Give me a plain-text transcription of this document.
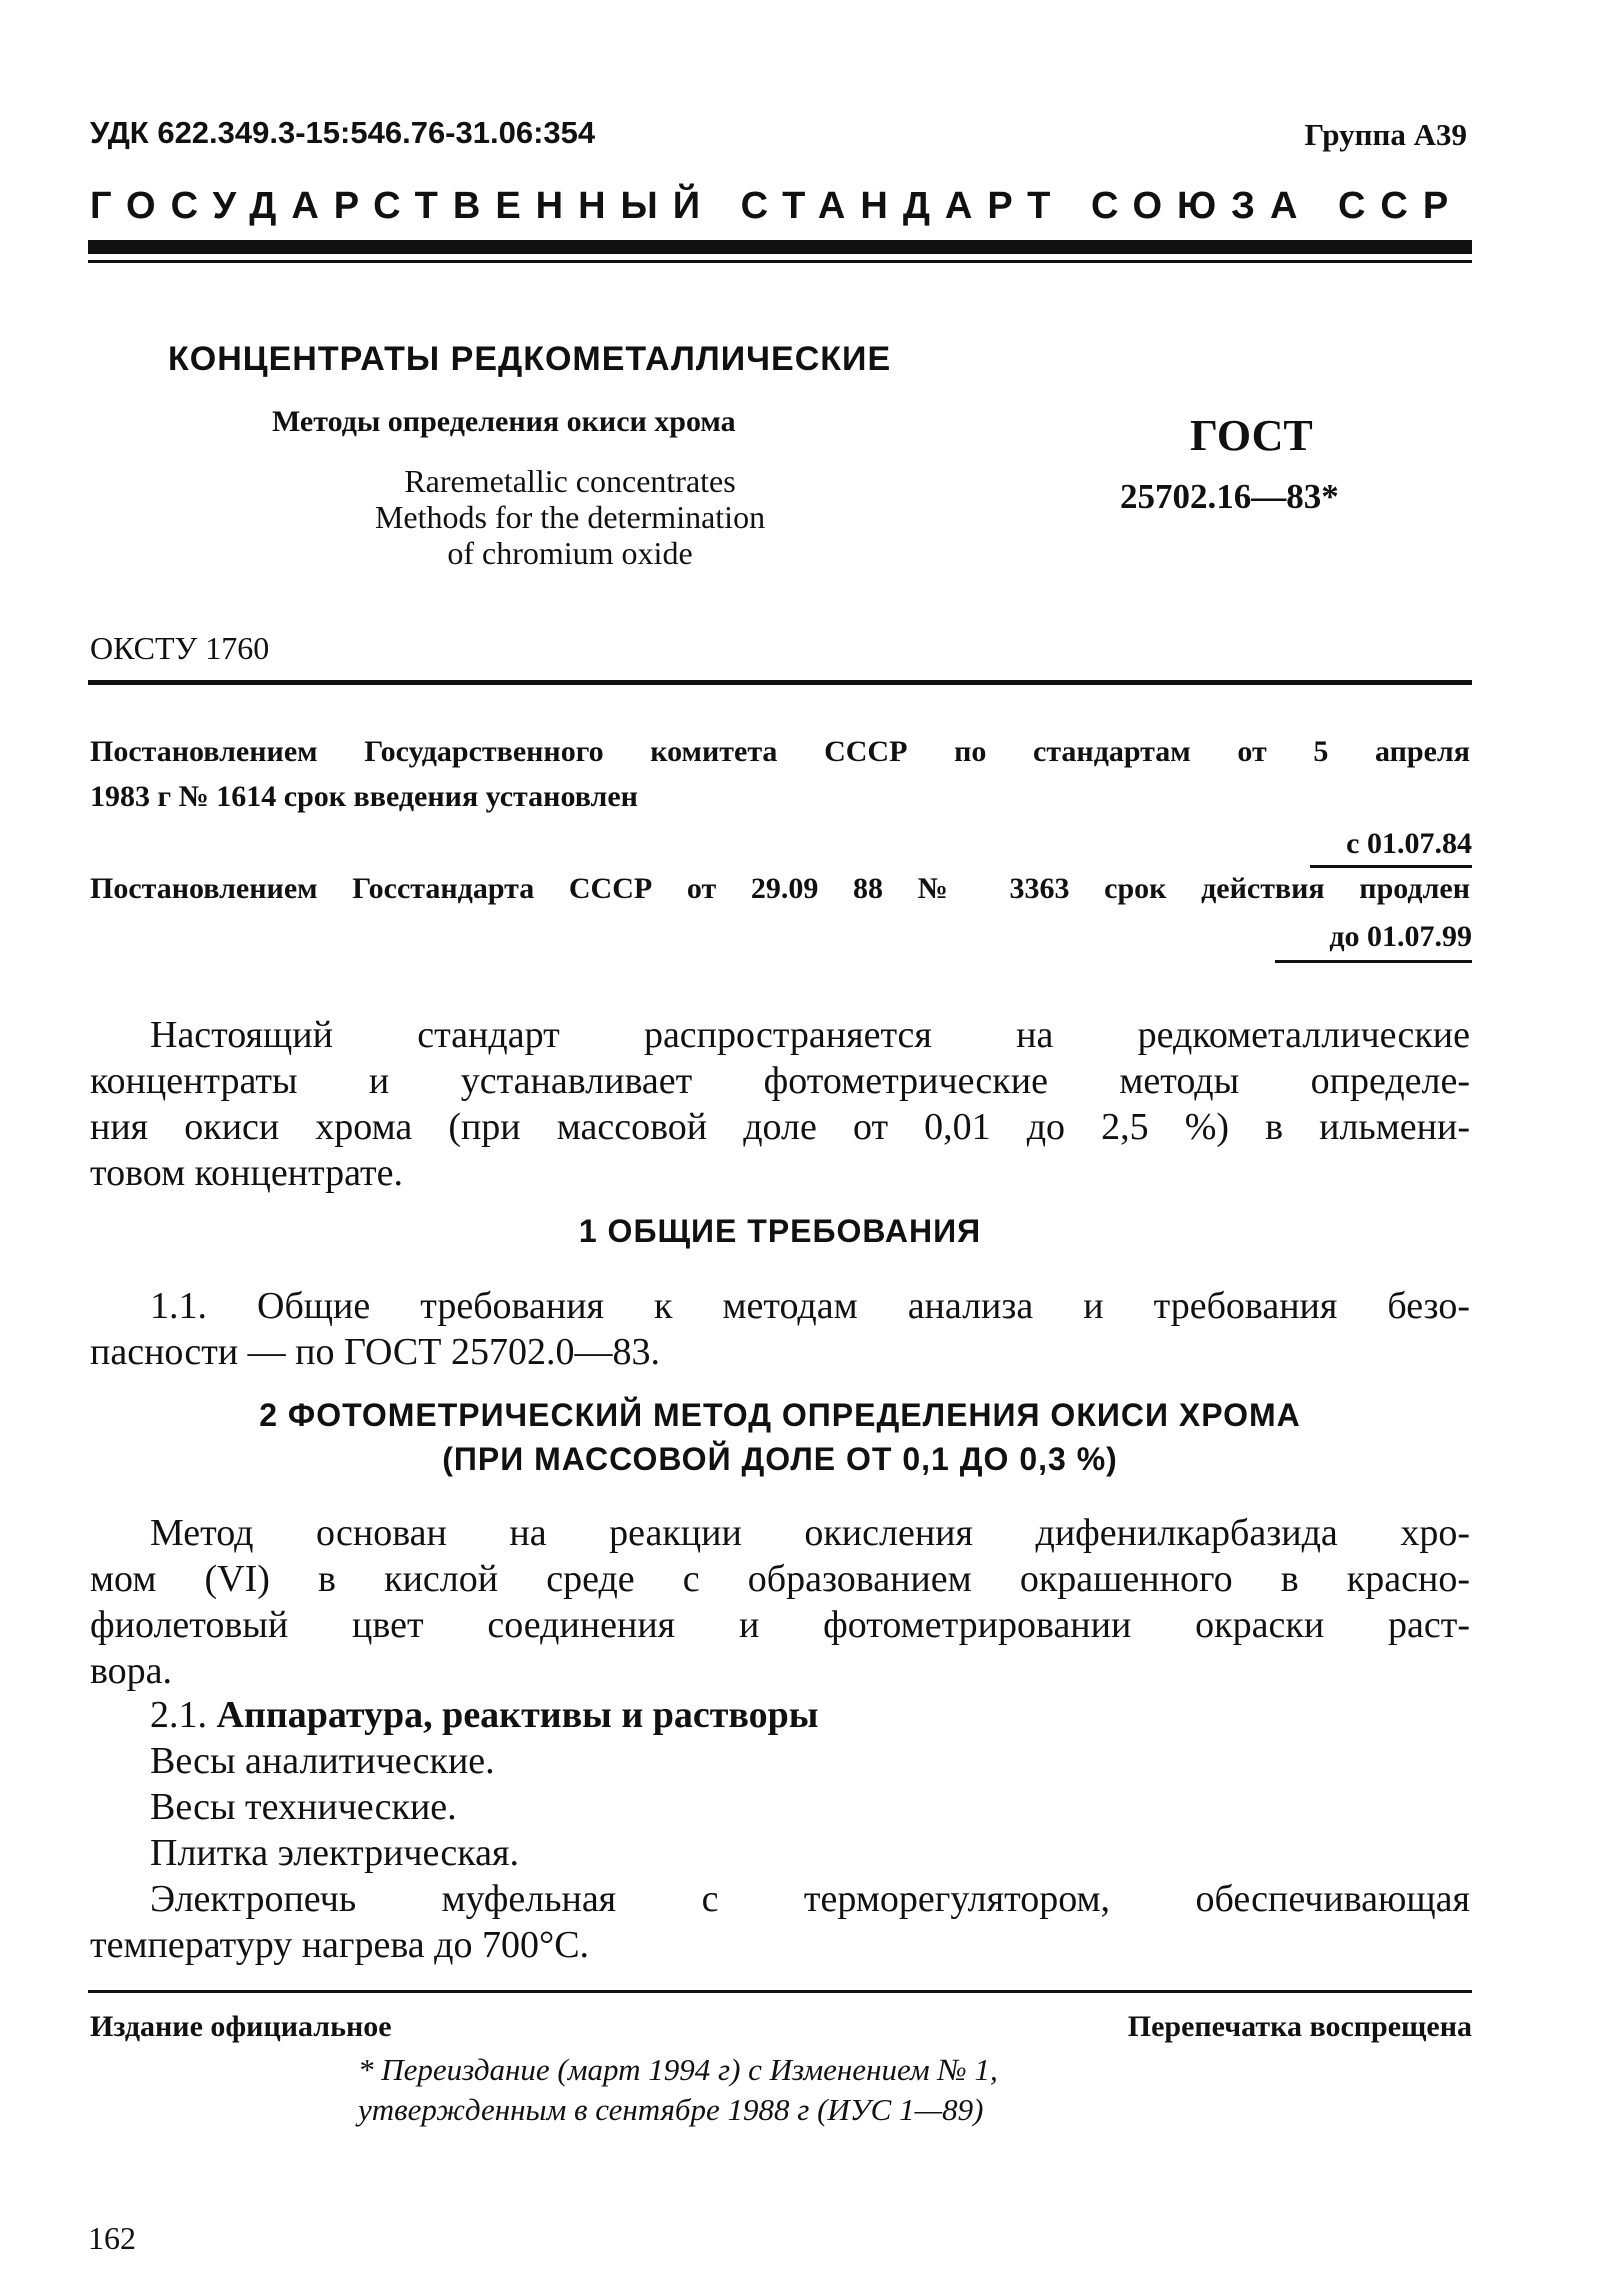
УДК 622.349.3-15:546.76-31.06:354	Группа А39
ГОСУДАРСТВЕННЫЙ СТАНДАРТ СОЮЗА ССР
КОНЦЕНТРАТЫ РЕДКОМЕТАЛЛИЧЕСКИЕ
Методы определения окиси хрома
Raremetallic concentrates
Methods for the determination
of chromium oxide
ГОСТ
25702.16—83*
ОКСТУ 1760
Постановлением Государственного комитета СССР по стандартам от 5 апреля
1983 г № 1614 срок введения установлен
с 01.07.84
Постановлением Госстандарта СССР от 29.09 88 № 3363 срок действия продлен
до 01.07.99
Настоящий стандарт распространяется на редкометаллические
концентраты и устанавливает фотометрические методы определе-
ния окиси хрома (при массовой доле от 0,01 до 2,5 %) в ильмени-
товом концентрате.
1 ОБЩИЕ ТРЕБОВАНИЯ
1.1. Общие требования к методам анализа и требования безо-
пасности — по ГОСТ 25702.0—83.
2 ФОТОМЕТРИЧЕСКИЙ МЕТОД ОПРЕДЕЛЕНИЯ ОКИСИ ХРОМА
(ПРИ МАССОВОЙ ДОЛЕ ОТ 0,1 ДО 0,3 %)
Метод основан на реакции окисления дифенилкарбазида хро-
мом (VI) в кислой среде с образованием окрашенного в красно-
фиолетовый цвет соединения и фотометрировании окраски раст-
вора.
2.1. Аппаратура, реактивы и растворы
Весы аналитические.
Весы технические.
Плитка электрическая.
Электропечь муфельная с терморегулятором, обеспечивающая
температуру нагрева до 700°С.
Издание официальное	Перепечатка воспрещена
* Переиздание (март 1994 г) с Изменением № 1,
утвержденным в сентябре 1988 г (ИУС 1—89)
162
